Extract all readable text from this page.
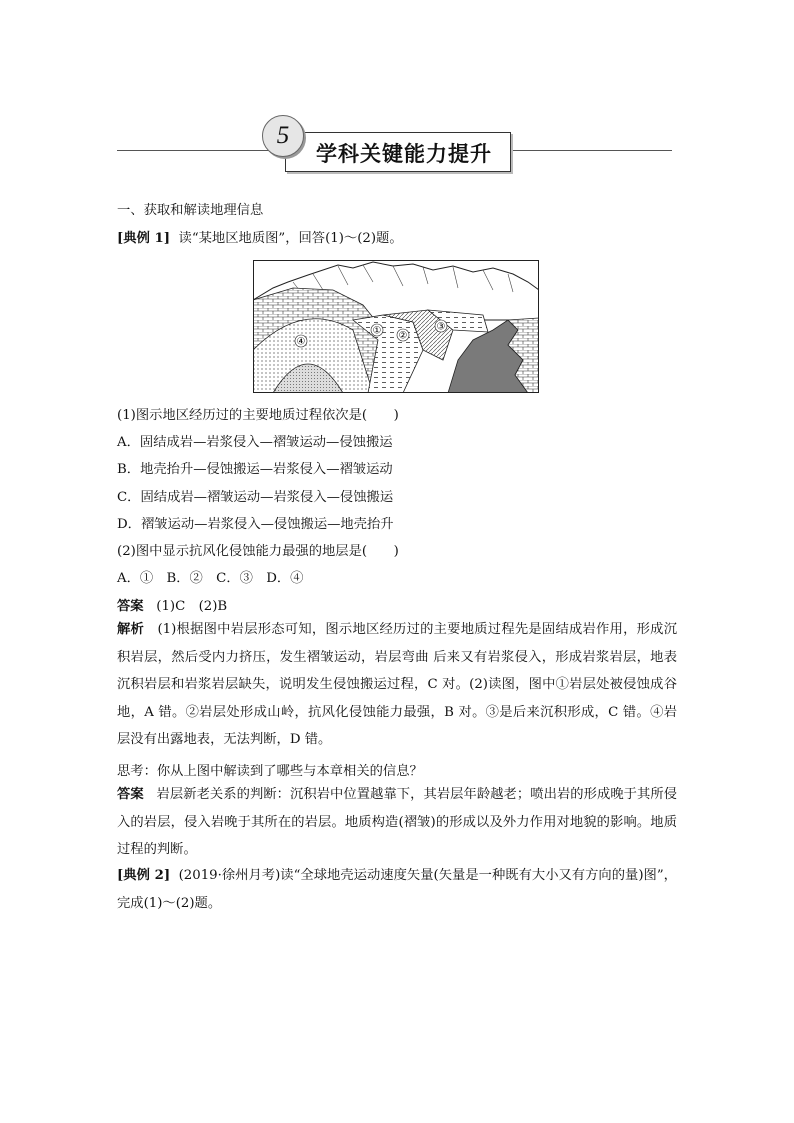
5
学科关键能力提升
一、获取和解读地理信息
[典例 1] 读“某地区地质图”，回答(1)～(2)题。
① ②
③
④
(1)图示地区经历过的主要地质过程依次是(　　)
A．固结成岩—岩浆侵入—褶皱运动—侵蚀搬运
B．地壳抬升—侵蚀搬运—岩浆侵入—褶皱运动
C．固结成岩—褶皱运动—岩浆侵入—侵蚀搬运
D．褶皱运动—岩浆侵入—侵蚀搬运—地壳抬升
(2)图中显示抗风化侵蚀能力最强的地层是(　　)
A．①　B．②　C．③　D．④
答案 (1)C　(2)B
解析 (1)根据图中岩层形态可知，图示地区经历过的主要地质过程先是固结成岩作用，形成沉积岩层，然后受内力挤压，发生褶皱运动，岩层弯曲 后来又有岩浆侵入，形成岩浆岩层，地表沉积岩层和岩浆岩层缺失，说明发生侵蚀搬运过程，C 对。(2)读图，图中①岩层处被侵蚀成谷地，A 错。②岩层处形成山岭，抗风化侵蚀能力最强，B 对。③是后来沉积形成，C 错。④岩层没有出露地表，无法判断，D 错。
思考：你从上图中解读到了哪些与本章相关的信息？
答案 岩层新老关系的判断：沉积岩中位置越靠下，其岩层年龄越老；喷出岩的形成晚于其所侵入的岩层，侵入岩晚于其所在的岩层。地质构造(褶皱)的形成以及外力作用对地貌的影响。地质过程的判断。
[典例 2] (2019·徐州月考)读“全球地壳运动速度矢量(矢量是一种既有大小又有方向的量)图”，完成(1)～(2)题。
